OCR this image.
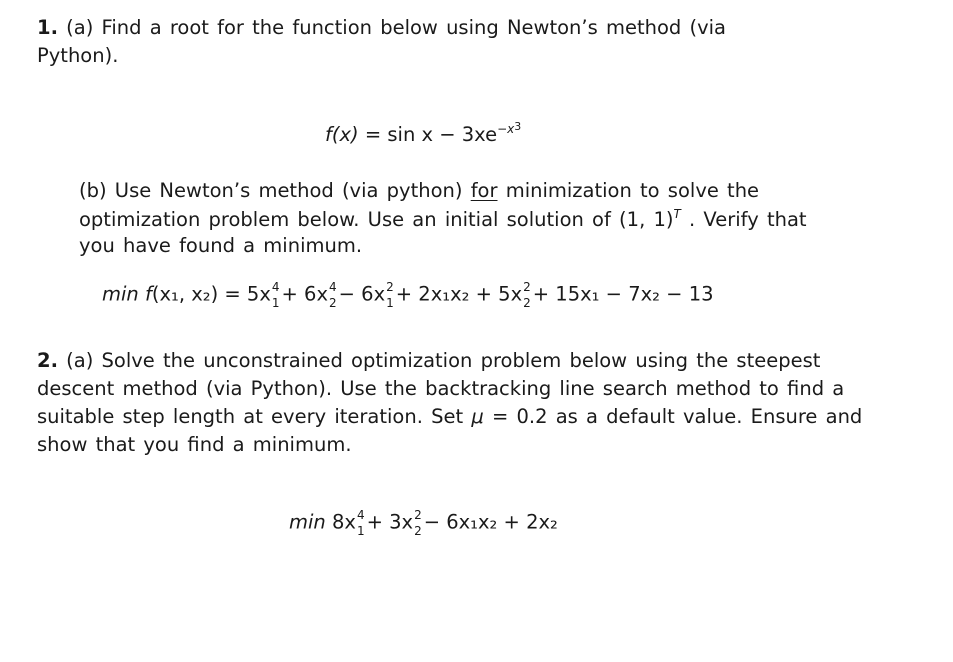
1. (a) Find a root for the function below using Newton’s method (via
Python).
$f(x) = \sin x - 3xe^{-x3}$
(b) Use Newton’s method (via python) for minimization to solve the
optimization problem below. Use an initial solution of (1, 1)$^T$ . Verify that
you have found a minimum.
min f(x₁, x₂) = 5x 4
1 + 6x 4
2 − 6x 2
1 + 2x₁x₂ + 5x 2
2 + 15x₁ − 7x₂ − 13
2. (a) Solve the unconstrained optimization problem below using the steepest
descent method (via Python). Use the backtracking line search method to find a
suitable step length at every iteration. Set μ = 0.2 as a default value. Ensure and
show that you find a minimum.
min 8x 4
1 + 3x 2
2 − 6x₁x₂ + 2x₂
